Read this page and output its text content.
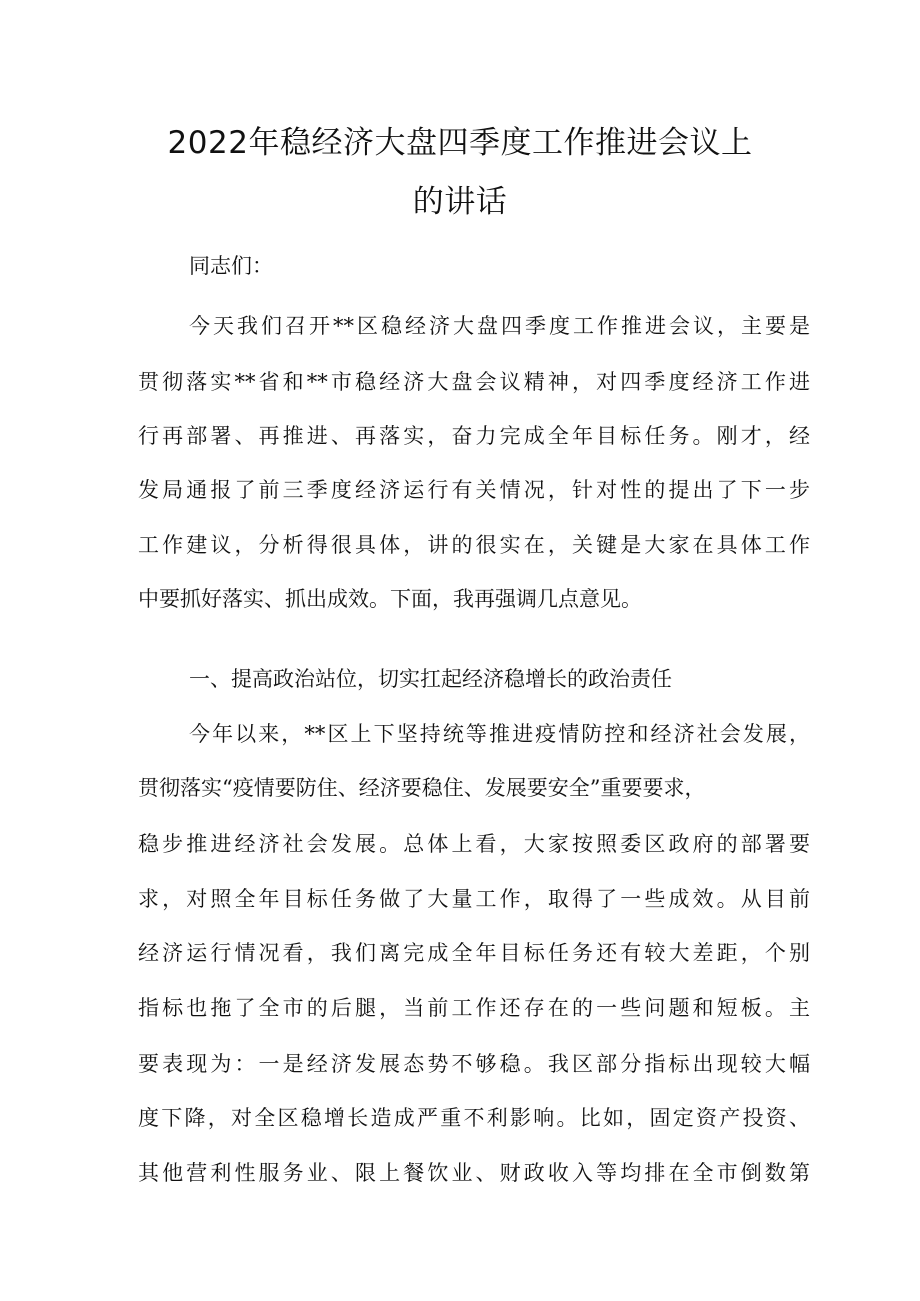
2022年稳经济大盘四季度工作推进会议上
的讲话
同志们：
今天我们召开**区稳经济大盘四季度工作推进会议，主要是
贯彻落实**省和**市稳经济大盘会议精神，对四季度经济工作进
行再部署、再推进、再落实，奋力完成全年目标任务。刚才，经
发局通报了前三季度经济运行有关情况，针对性的提出了下一步
工作建议，分析得很具体，讲的很实在，关键是大家在具体工作
中要抓好落实、抓出成效。下面，我再强调几点意见。
一、提高政治站位，切实扛起经济稳增长的政治责任
今年以来，**区上下坚持统等推进疫情防控和经济社会发展，
贯彻落实“疫情要防住、经济要稳住、发展要安全”重要要求，
稳步推进经济社会发展。总体上看，大家按照委区政府的部署要
求，对照全年目标任务做了大量工作，取得了一些成效。从目前
经济运行情况看，我们离完成全年目标任务还有较大差距，个别
指标也拖了全市的后腿，当前工作还存在的一些问题和短板。主
要表现为：一是经济发展态势不够稳。我区部分指标出现较大幅
度下降，对全区稳增长造成严重不利影响。比如，固定资产投资、
其他营利性服务业、限上餐饮业、财政收入等均排在全市倒数第
